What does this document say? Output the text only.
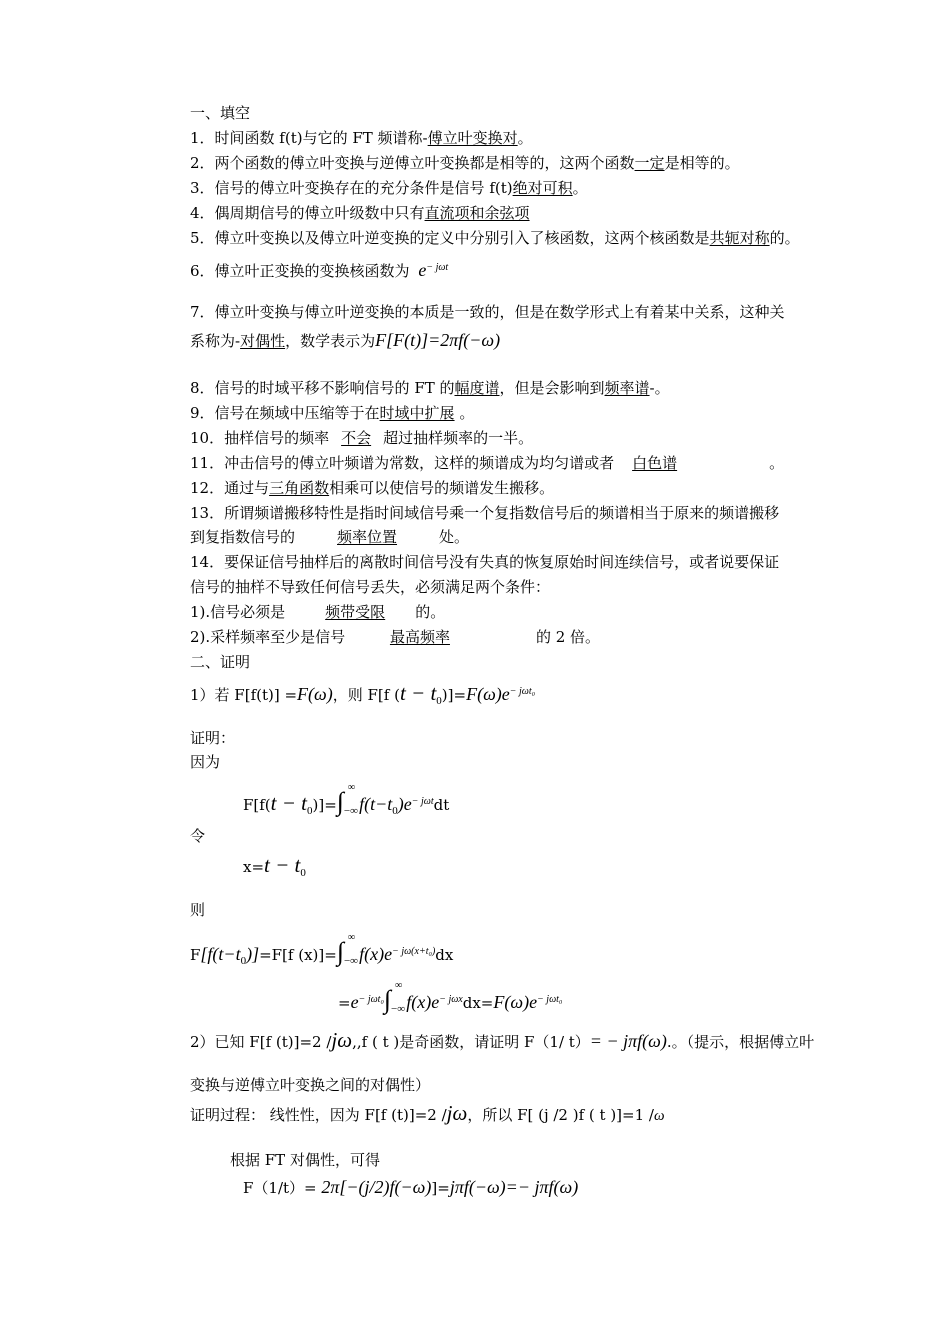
一、填空
1．时间函数 f(t)与它的 FT 频谱称-傅立叶变换对。
2．两个函数的傅立叶变换与逆傅立叶变换都是相等的，这两个函数一定是相等的。
3．信号的傅立叶变换存在的充分条件是信号 f(t)绝对可积。
4．偶周期信号的傅立叶级数中只有直流项和余弦项
5．傅立叶变换以及傅立叶逆变换的定义中分别引入了核函数，这两个核函数是共轭对称的。
6．傅立叶正变换的变换核函数为 $e^{- j\omega t}$
7．傅立叶变换与傅立叶逆变换的本质是一致的，但是在数学形式上有着某中关系，这种关
系称为-对偶性，数学表示为F[F(t)]=2πf(−ω)
8．信号的时域平移不影响信号的 FT 的幅度谱，但是会影响到频率谱-。
9．信号在频域中压缩等于在时域中扩展 。
10．抽样信号的频率 不会 超过抽样频率的一半。
11．冲击信号的傅立叶频谱为常数，这样的频谱成为均匀谱或者 白色谱	。
12．通过与三角函数相乘可以使信号的频谱发生搬移。
13．所谓频谱搬移特性是指时间域信号乘一个复指数信号后的频谱相当于原来的频谱搬移
到复指数信号的	频率位置	处。
14．要保证信号抽样后的离散时间信号没有失真的恢复原始时间连续信号，或者说要保证
信号的抽样不导致任何信号丢失，必须满足两个条件：
1).信号必须是	频带受限 的。
2).采样频率至少是信号	最高频率	的 2 倍。
二、证明
1）若 F[f(t)] =F(ω)，则 F[f $(t - t_0)]=F(\omega)e^{- j\omega t_0}$
证明：
因为
$F[f(t - t_0)]=\int_{-\infty}^\infty f(t-t_0)e^{- j\omega t}dt$
令
$x=t - t_0$
则
$F[f(t-t_0)]=F[f$ $(x)]=\int_{-\infty}^\infty f(x)e^{- j\omega(x+t_0)}dx$
$=e^{- j\omega t_0}\int_{-\infty}^\infty f(x)e^{- j\omega x}dx=F(\omega)e^{- j\omega t_0}$
2）已知 F[f (t)]=2 /jω,,f ( t )是奇函数，请证明 F（1/ t）= − jπf(ω).。（提示，根据傅立叶
变换与逆傅立叶变换之间的对偶性）
证明过程： 线性性，因为 F[f (t)]=2 /jω，所以 F[ (j /2 )f ( t )]=1 /ω
根据 FT 对偶性，可得
F（1/t）= 2π[−(j/2)f(−ω)]=jπf(−ω)=− jπf(ω)
